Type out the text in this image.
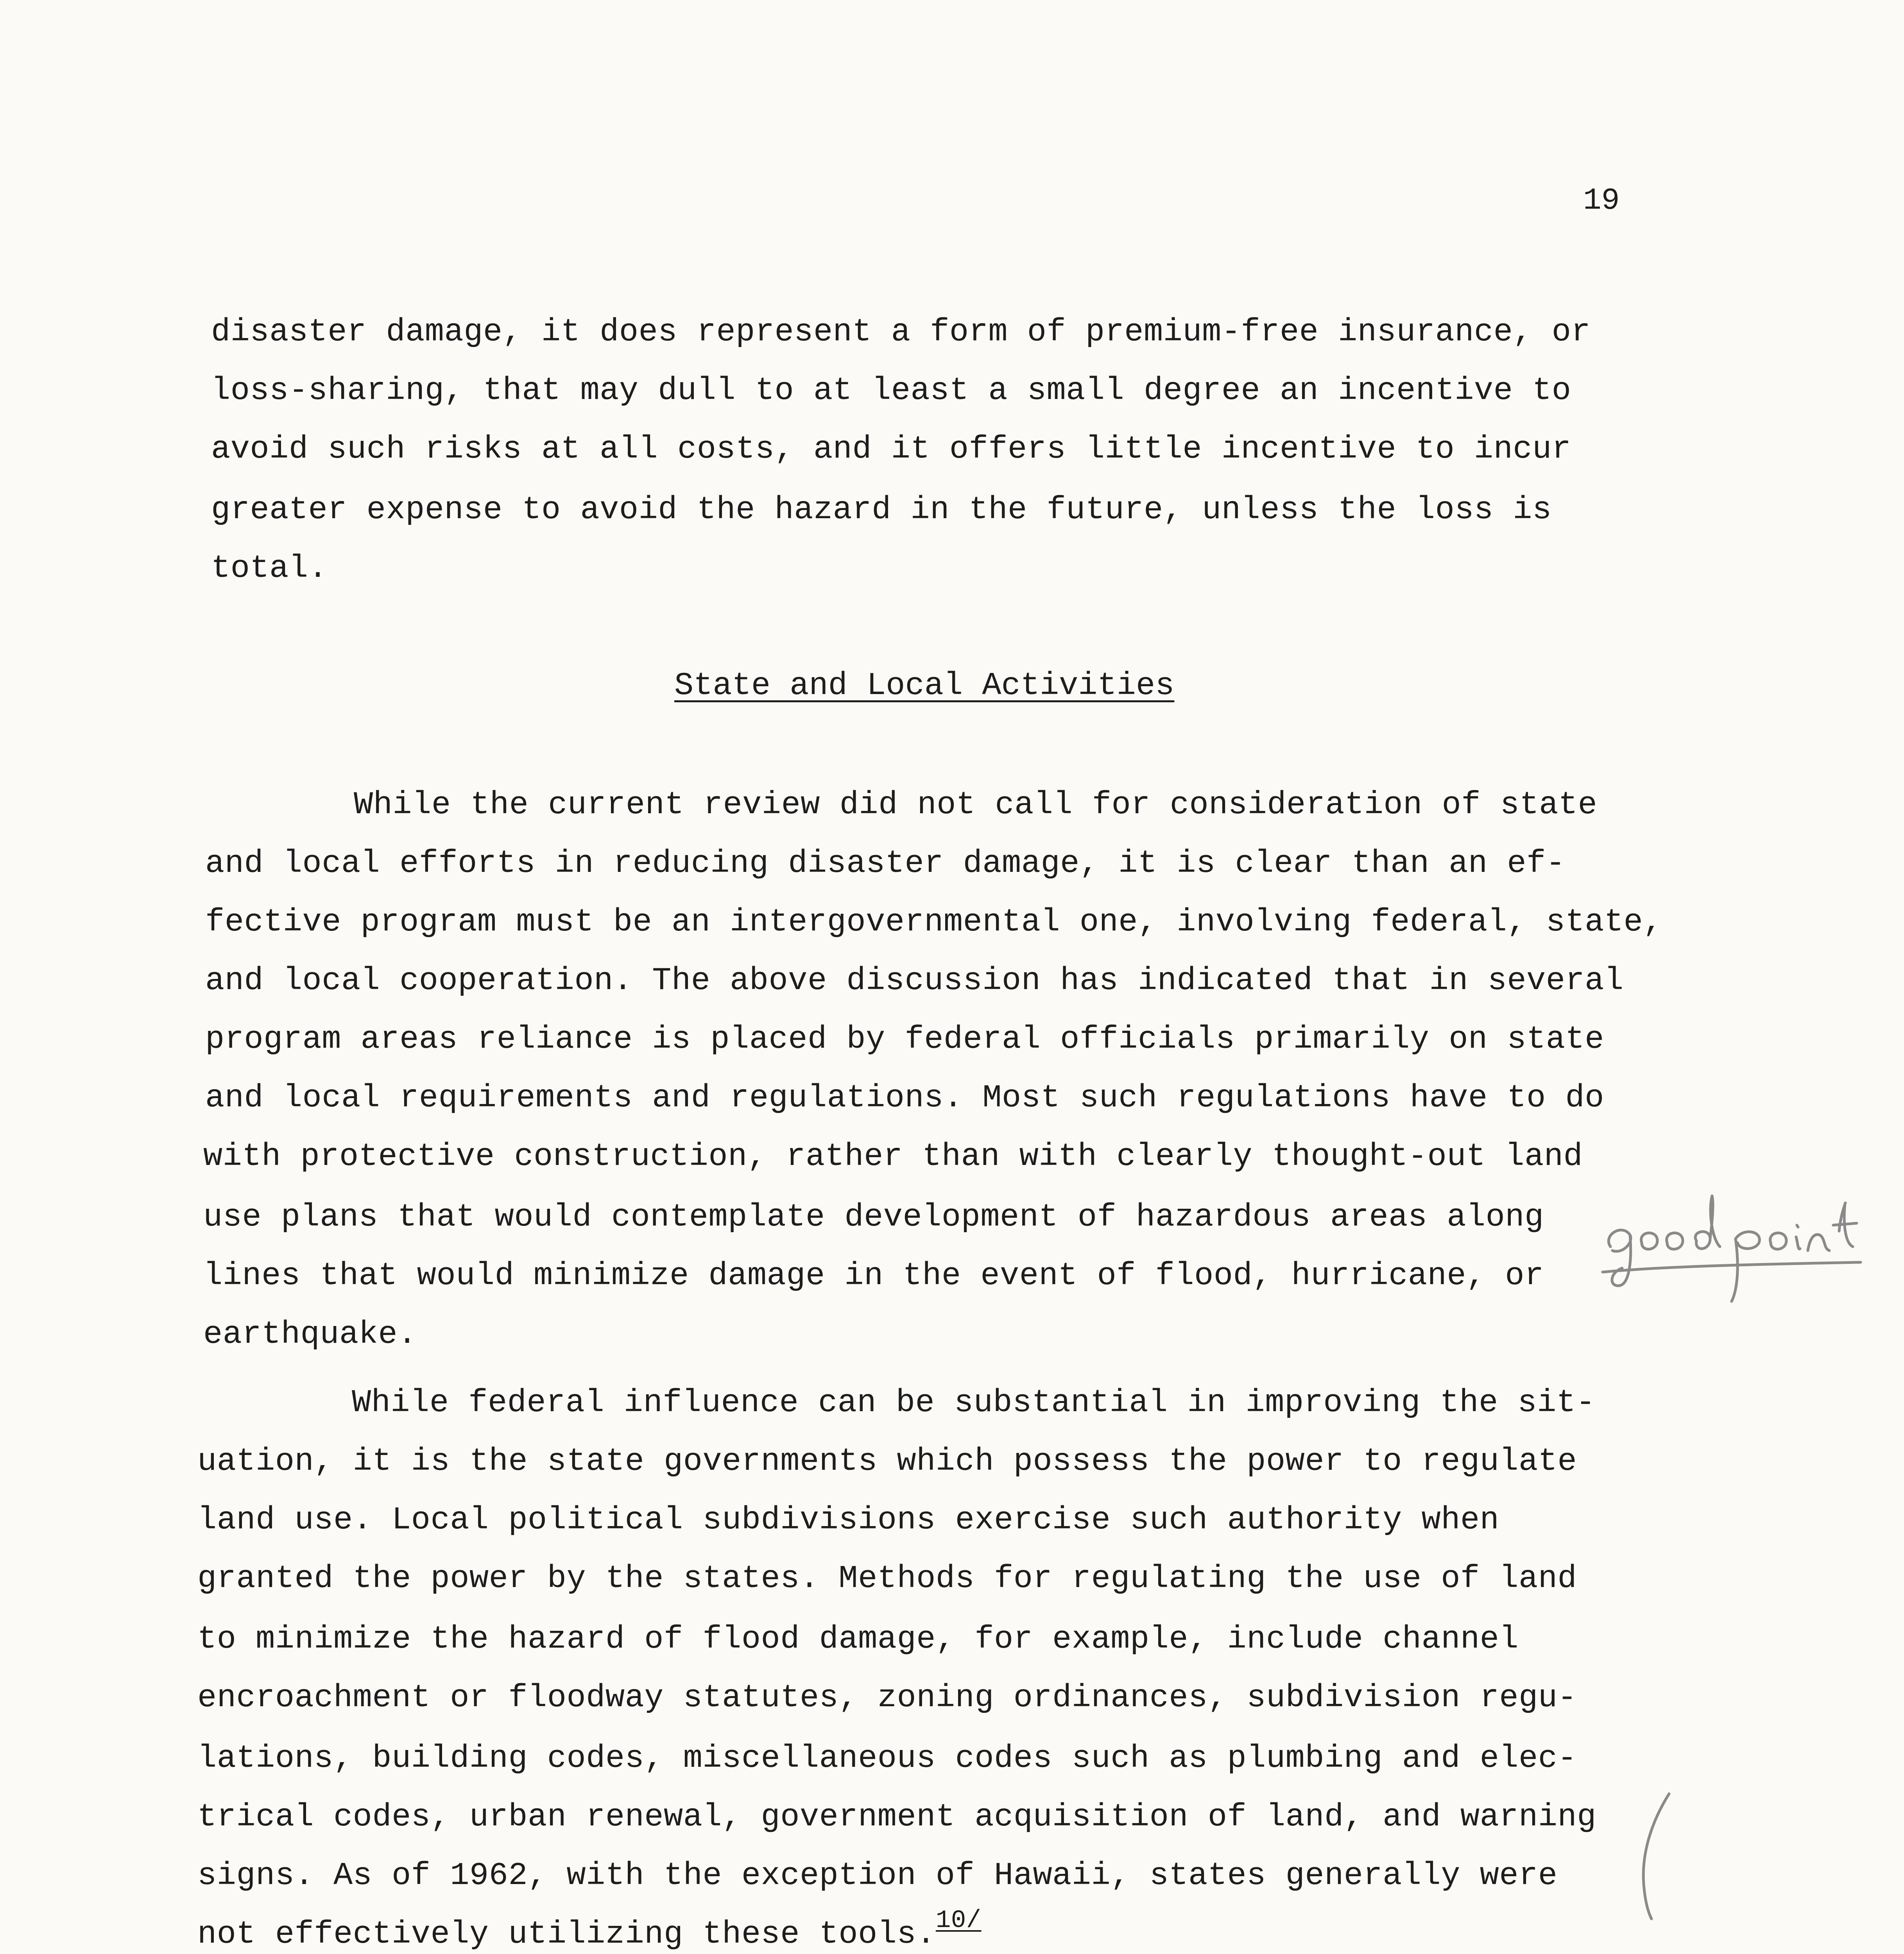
19
disaster damage, it does represent a form of premium-free insurance, or
loss-sharing, that may dull to at least a small degree an incentive to
avoid such risks at all costs, and it offers little incentive to incur
greater expense to avoid the hazard in the future, unless the loss is
total.
State and Local Activities
While the current review did not call for consideration of state
and local efforts in reducing disaster damage, it is clear than an ef-
fective program must be an intergovernmental one, involving federal, state,
and local cooperation. The above discussion has indicated that in several
program areas reliance is placed by federal officials primarily on state
and local requirements and regulations. Most such regulations have to do
with protective construction, rather than with clearly thought-out land
use plans that would contemplate development of hazardous areas along
lines that would minimize damage in the event of flood, hurricane, or
earthquake.
While federal influence can be substantial in improving the sit-
uation, it is the state governments which possess the power to regulate
land use. Local political subdivisions exercise such authority when
granted the power by the states. Methods for regulating the use of land
to minimize the hazard of flood damage, for example, include channel
encroachment or floodway statutes, zoning ordinances, subdivision regu-
lations, building codes, miscellaneous codes such as plumbing and elec-
trical codes, urban renewal, government acquisition of land, and warning
signs. As of 1962, with the exception of Hawaii, states generally were
not effectively utilizing these tools.$^{10/}$
